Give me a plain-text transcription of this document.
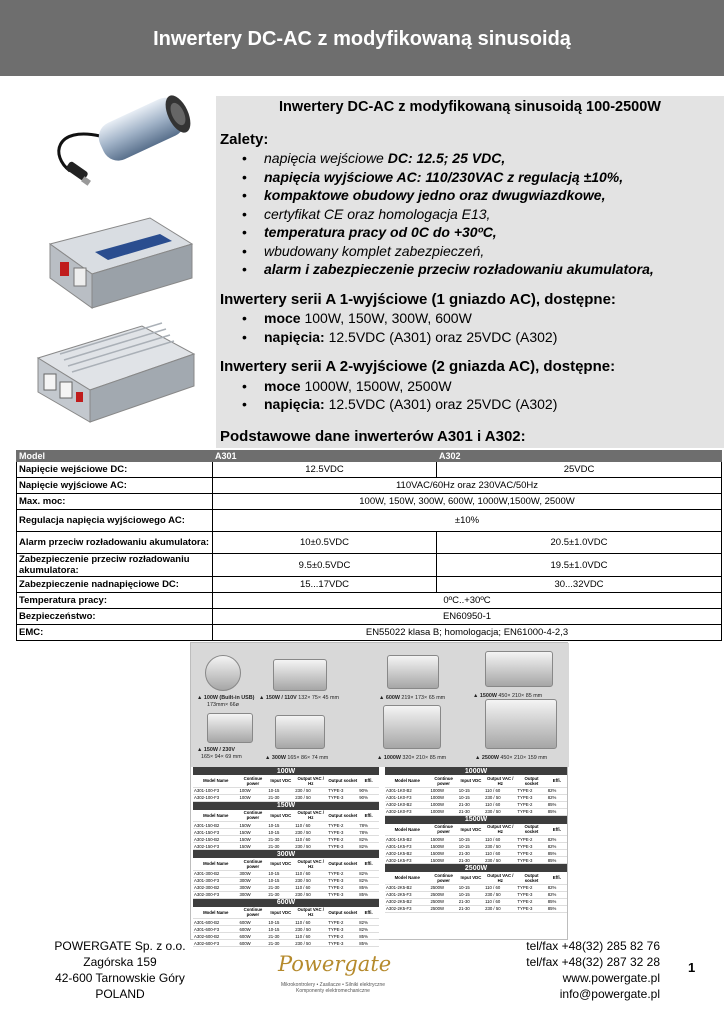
Inwertery DC-AC z modyfikowaną sinusoidą
Inwertery DC-AC z modyfikowaną sinusoidą 100-2500W
Zalety:
• napięcia wejściowe DC: 12.5; 25 VDC,
• napięcia wyjściowe AC: 110/230VAC z regulacją ±10%,
• kompaktowe obudowy jedno oraz dwugwiazdkowe,
• certyfikat CE oraz homologacja E13,
• temperatura pracy od 0C do +30ºC,
• wbudowany komplet zabezpieczeń,
• alarm i zabezpieczenie przeciw rozładowaniu akumulatora,
Inwertery serii A 1-wyjściowe (1 gniazdo AC), dostępne:
• moce 100W, 150W, 300W, 600W
• napięcia: 12.5VDC (A301) oraz 25VDC (A302)
Inwertery serii A 2-wyjściowe (2 gniazda AC), dostępne:
• moce 1000W, 1500W, 2500W
• napięcia: 12.5VDC (A301) oraz 25VDC (A302)
Podstawowe dane inwerterów A301 i A302:
Model	A301	A302
Napięcie wejściowe DC:	12.5VDC	25VDC
Napięcie wyjściowe AC:	110VAC/60Hz oraz 230VAC/50Hz	
Max. moc:	100W, 150W, 300W, 600W, 1000W,1500W, 2500W	
Regulacja napięcia wyjściowego AC:	±10%	
Alarm przeciw rozładowaniu akumulatora:	10±0.5VDC	20.5±1.0VDC
Zabezpieczenie przeciw rozładowaniu akumulatora:	9.5±0.5VDC	19.5±1.0VDC
Zabezpieczenie nadnapięciowe DC:	15...17VDC	30...32VDC
Temperatura pracy:	0ºC..+30ºC	
Bezpieczeństwo:	EN60950-1	
EMC:	EN55022 klasa B; homologacja; EN61000-4-2,3	
▲ 100W (Built-in USB)
173mm× 66ø
▲ 150W / 110V 132× 75× 45 mm	▲ 600W 219× 173× 65 mm	▲ 1500W 450× 210× 85 mm
▲ 150W / 230V
165× 94× 69 mm	▲ 300W 165× 86× 74 mm	▲ 1000W 320× 210× 85 mm	▲ 2500W 450× 210× 159 mm
100W					
Model Name	Continue power	Input VDC	Output VAC / Hz	Output socket	Effi.
A301-100-F3	100W	10-15	230 / 50	TYPE-3	90%
A302-100-F3	100W	21-30	230 / 50	TYPE-3	90%
150W					
Model Name	Continue power	Input VDC	Output VAC / Hz	Output socket	Effi.
A301-150-B2	150W	10-15	110 / 60	TYPE-2	78%
A301-150-F3	150W	10-15	230 / 50	TYPE-3	78%
A302-150-B2	150W	21-30	110 / 60	TYPE-2	82%
A302-150-F3	150W	21-30	230 / 50	TYPE-3	82%
300W					
Model Name	Continue power	Input VDC	Output VAC / Hz	Output socket	Effi.
A301-300-B2	300W	10-15	110 / 60	TYPE-2	82%
A301-300-F3	300W	10-15	230 / 50	TYPE-3	82%
A302-300-B2	300W	21-30	110 / 60	TYPE-2	85%
A302-300-F3	300W	21-30	230 / 50	TYPE-3	85%
600W					
Model Name	Continue power	Input VDC	Output VAC / Hz	Output socket	Effi.
A301-600-B2	600W	10-15	110 / 60	TYPE-2	82%
A301-600-F3	600W	10-15	230 / 50	TYPE-3	82%
A302-600-B2	600W	21-30	110 / 60	TYPE-2	85%
A302-600-F3	600W	21-30	230 / 50	TYPE-3	85%
1000W					
Model Name	Continue power	Input VDC	Output VAC / Hz	Output socket	Effi.
A301-1K0-B2	1000W	10-15	110 / 60	TYPE-2	82%
A301-1K0-F3	1000W	10-15	230 / 50	TYPE-3	82%
A302-1K0-B2	1000W	21-30	110 / 60	TYPE-2	85%
A302-1K0-F3	1000W	21-30	230 / 50	TYPE-3	85%
1500W					
Model Name	Continue power	Input VDC	Output VAC / Hz	Output socket	Effi.
A301-1K5-B2	1500W	10-15	110 / 60	TYPE-2	82%
A301-1K5-F3	1500W	10-15	230 / 50	TYPE-3	82%
A302-1K5-B2	1500W	21-30	110 / 60	TYPE-2	85%
A302-1K5-F3	1500W	21-30	230 / 50	TYPE-3	85%
2500W					
Model Name	Continue power	Input VDC	Output VAC / Hz	Output socket	Effi.
A301-2K5-B2	2500W	10-15	110 / 60	TYPE-2	82%
A301-2K5-F3	2500W	10-15	230 / 50	TYPE-3	82%
A302-2K5-B2	2500W	21-30	110 / 60	TYPE-2	85%
A302-2K5-F3	2500W	21-30	230 / 50	TYPE-3	85%
POWERGATE Sp. z o.o.
Zagórska 159
42-600 Tarnowskie Góry
POLAND
Powergate
Mikrokontrolery • Zasilacze • Silniki elektryczne Komponenty elektromechaniczne
tel/fax +48(32) 285 82 76
tel/fax +48(32) 287 32 28
www.powergate.pl
info@powergate.pl
1
